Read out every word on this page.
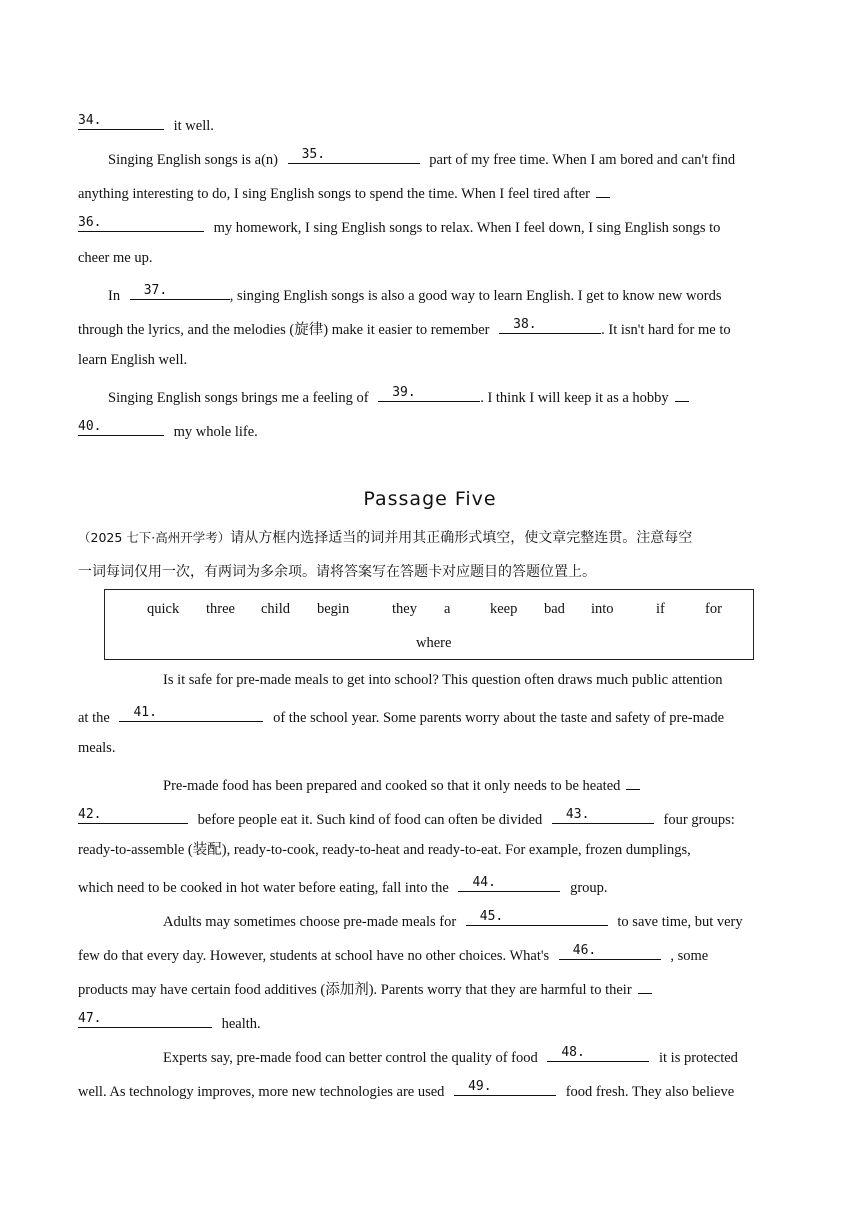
34.	it well.
Singing English songs is a(n) 35.	part of my free time. When I am bored and can't find
anything interesting to do, I sing English songs to spend the time. When I feel tired after
36.	my homework, I sing English songs to relax. When I feel down, I sing English songs to
cheer me up.
In 37.	, singing English songs is also a good way to learn English. I get to know new words
through the lyrics, and the melodies (旋律) make it easier to remember 38.	. It isn't hard for me to
learn English well.
Singing English songs brings me a feeling of 39.	. I think I will keep it as a hobby
40.	my whole life.
Passage Five
（2025 七下·高州开学考）请从方框内选择适当的词并用其正确形式填空，使文章完整连贯。注意每空
一词每词仅用一次，有两词为多余项。请将答案写在答题卡对应题目的答题位置上。
quick three child begin	they a	keep bad into	if	for
where
Is it safe for pre-made meals to get into school? This question often draws much public attention
at the 41.	of the school year. Some parents worry about the taste and safety of pre-made
meals.
Pre-made food has been prepared and cooked so that it only needs to be heated
42.	before people eat it. Such kind of food can often be divided 43.	four groups:
ready-to-assemble (装配), ready-to-cook, ready-to-heat and ready-to-eat. For example, frozen dumplings,
which need to be cooked in hot water before eating, fall into the 44.	group.
Adults may sometimes choose pre-made meals for 45.	to save time, but very
few do that every day. However, students at school have no other choices. What's 46.	, some
products may have certain food additives (添加剂). Parents worry that they are harmful to their
47.	health.
Experts say, pre-made food can better control the quality of food 48.	it is protected
well. As technology improves, more new technologies are used 49.	food fresh. They also believe
